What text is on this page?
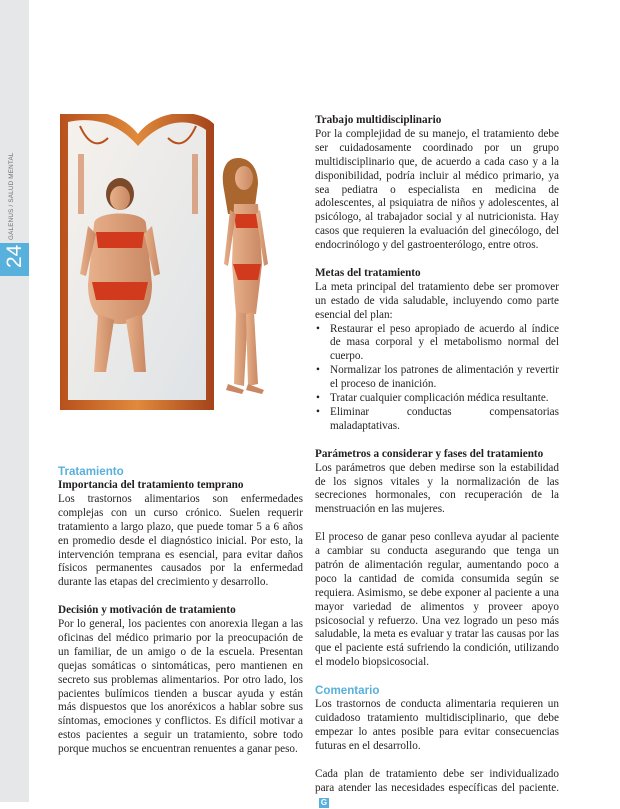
24
GALENUS / SALUD MENTAL
Tratamiento
Importancia del tratamiento temprano

Los trastornos alimentarios son enfermedades complejas con un curso crónico. Suelen requerir tratamiento a largo plazo, que puede tomar 5 a 6 años en promedio desde el diagnóstico inicial. Por esto, la intervención temprana es esencial, para evitar daños físicos permanentes causados por la enfermedad durante las etapas del crecimiento y desarrollo.

Decisión y motivación de tratamiento

Por lo general, los pacientes con anorexia llegan a las oficinas del médico primario por la preocupación de un familiar, de un amigo o de la escuela. Presentan quejas somáticas o sintomáticas, pero mantienen en secreto sus problemas alimentarios. Por otro lado, los pacientes bulímicos tienden a buscar ayuda y están más dispuestos que los anoréxicos a hablar sobre sus síntomas, emociones y conflictos. Es difícil motivar a estos pacientes a seguir un tratamiento, sobre todo porque muchos se encuentran renuentes a ganar peso.

Trabajo multidisciplinario

Por la complejidad de su manejo, el tratamiento debe ser cuidadosamente coordinado por un grupo multidisciplinario que, de acuerdo a cada caso y a la disponibilidad, podría incluir al médico primario, ya sea pediatra o especialista en medicina de adolescentes, al psiquiatra de niños y adolescentes, al psicólogo, al trabajador social y al nutricionista. Hay casos que requieren la evaluación del ginecólogo, del endocrinólogo y del gastroenterólogo, entre otros.

Metas del tratamiento

La meta principal del tratamiento debe ser promover un estado de vida saludable, incluyendo como parte esencial del plan:

• Restaurar el peso apropiado de acuerdo al índice de masa corporal y el metabolismo normal del cuerpo.
• Normalizar los patrones de alimentación y revertir el proceso de inanición.
• Tratar cualquier complicación médica resultante.
• Eliminar conductas compensatorias maladaptativas.
Parámetros a considerar y fases del tratamiento

Los parámetros que deben medirse son la estabilidad de los signos vitales y la normalización de las secreciones hormonales, con recuperación de la menstruación en las mujeres.

El proceso de ganar peso conlleva ayudar al paciente a cambiar su conducta asegurando que tenga un patrón de alimentación regular, aumentando poco a poco la cantidad de comida consumida según se requiera. Asimismo, se debe exponer al paciente a una mayor variedad de alimentos y proveer apoyo psicosocial y refuerzo. Una vez logrado un peso más saludable, la meta es evaluar y tratar las causas por las que el paciente está sufriendo la condición, utilizando el modelo biopsicosocial.

Comentario

Los trastornos de conducta alimentaria requieren un cuidadoso tratamiento multidisciplinario, que debe empezar lo antes posible para evitar consecuencias futuras en el desarrollo.

Cada plan de tratamiento debe ser individualizado para atender las necesidades específicas del paciente.G
